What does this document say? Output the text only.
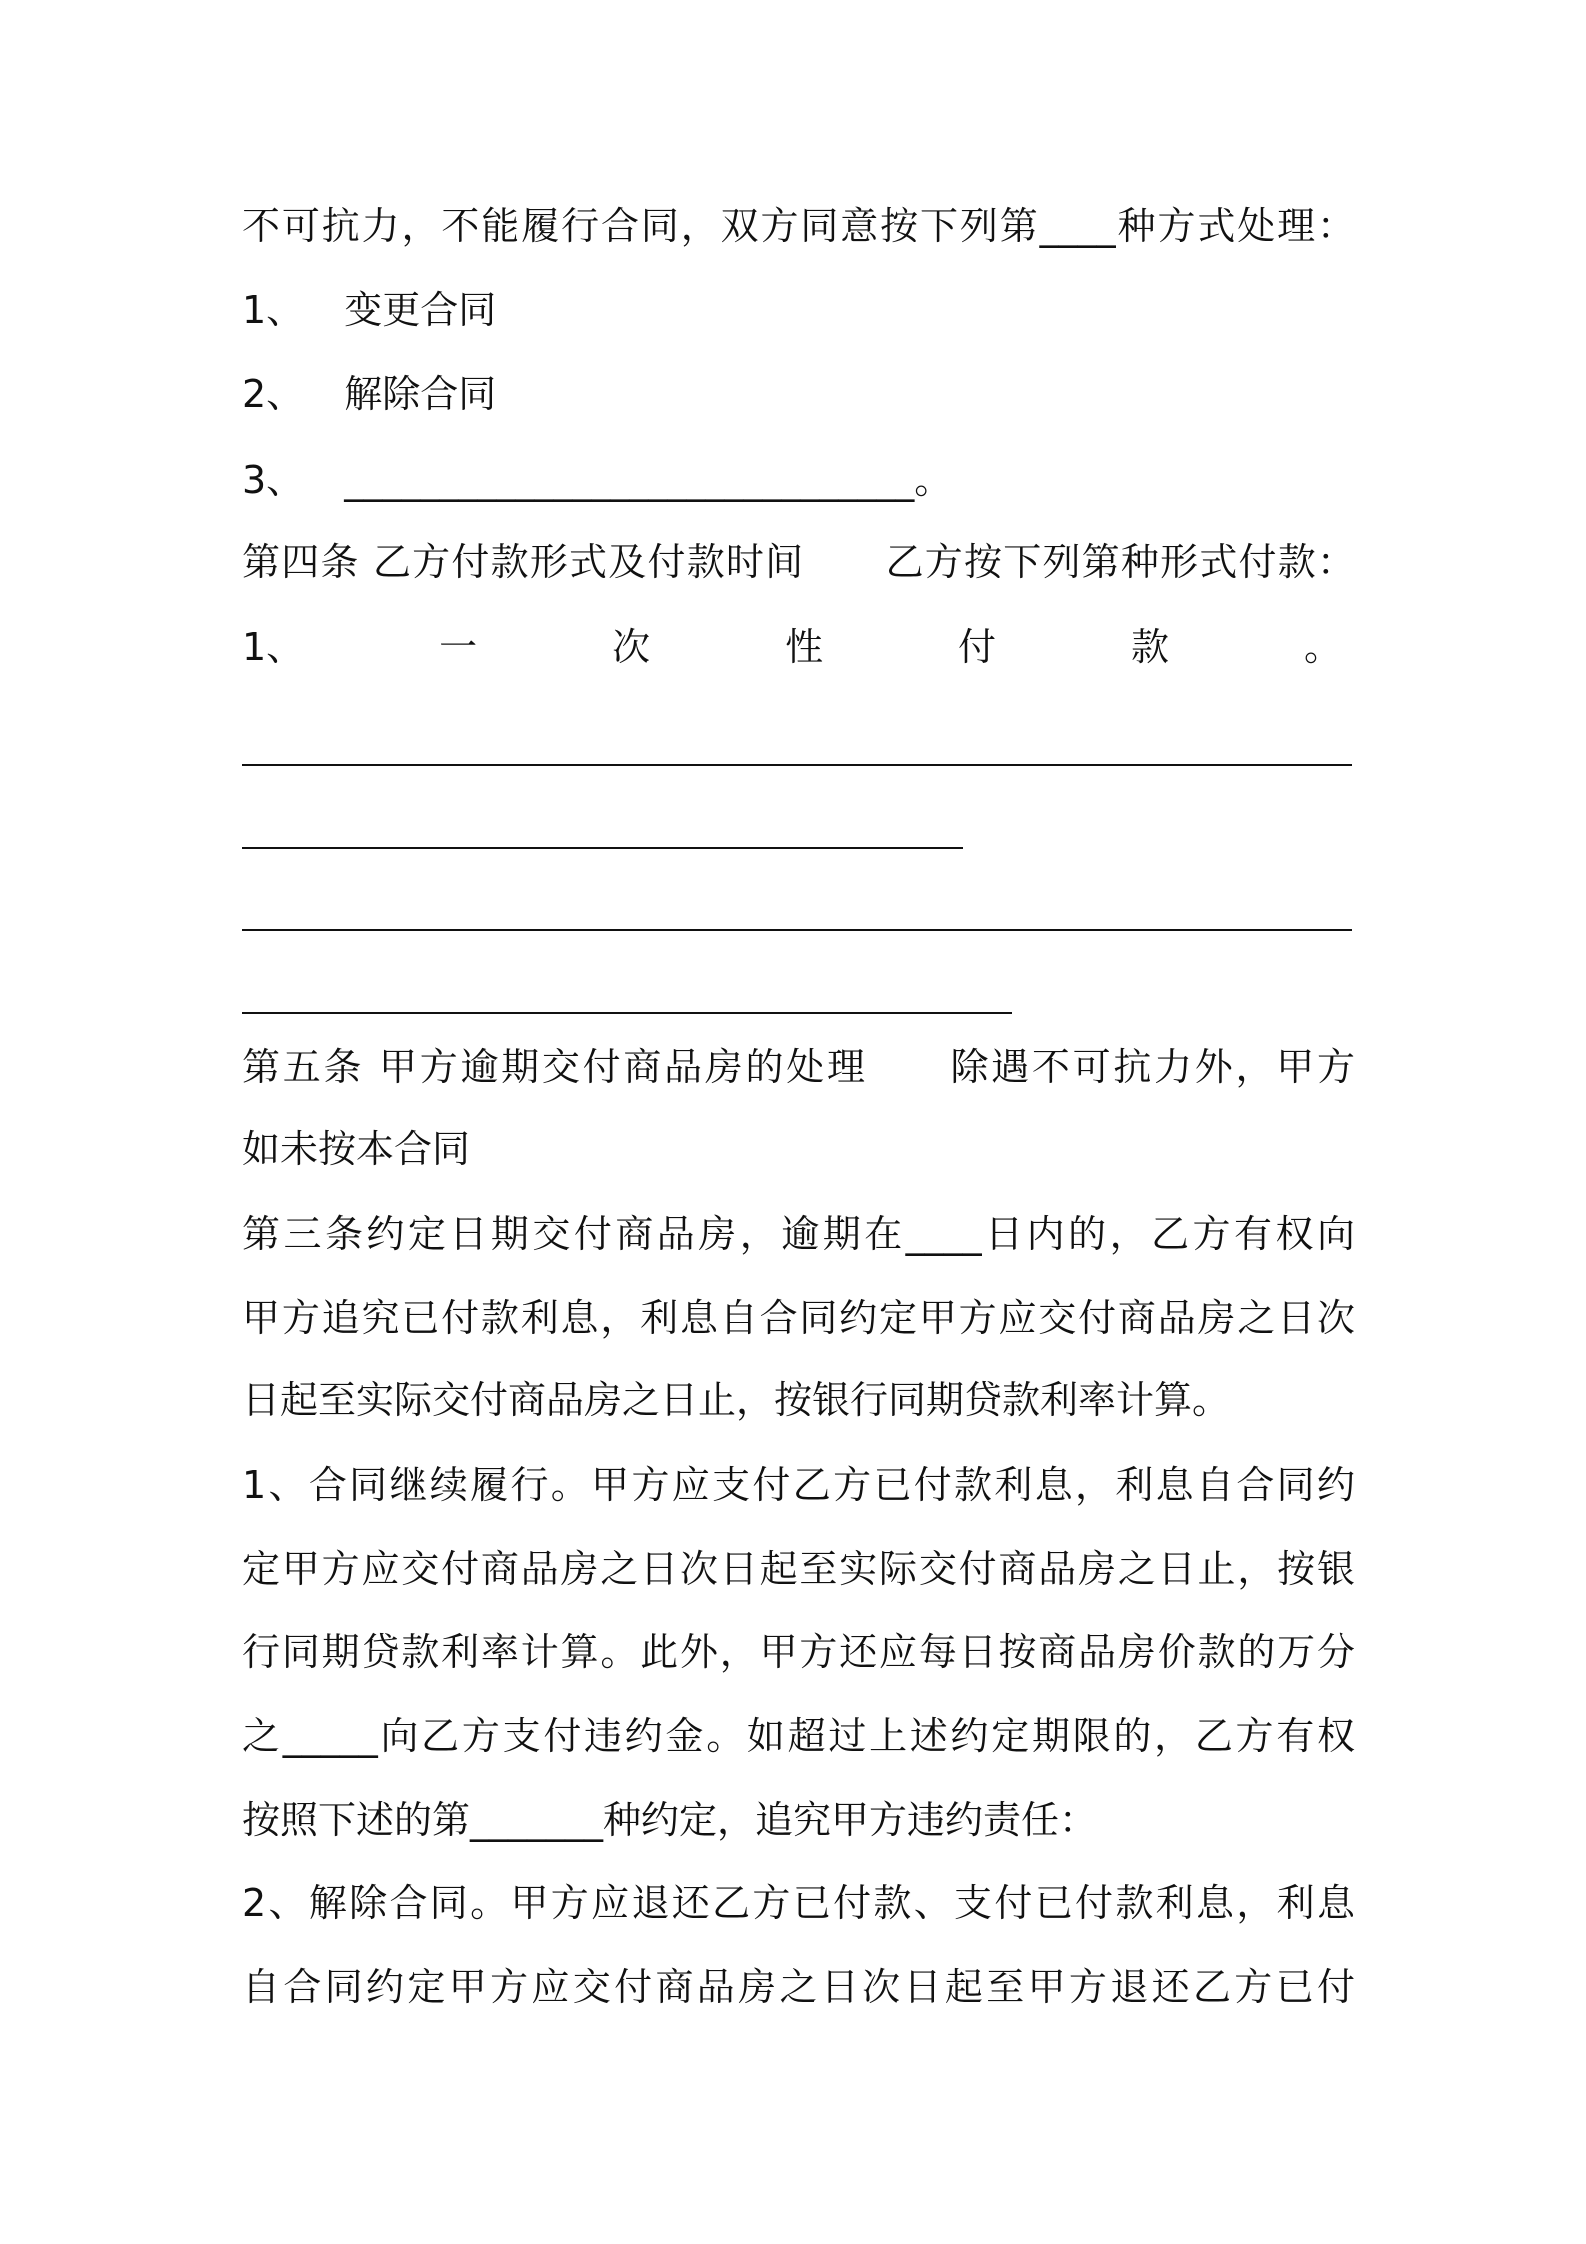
不可抗力，不能履行合同，双方同意按下列第____种方式处理：
1、 变更合同
2、 解除合同
3、 ______________________________。
第四条 乙方付款形式及付款时间 乙方按下列第种形式付款：
1、	一	次	性	付	款	。
第五条 甲方逾期交付商品房的处理 除遇不可抗力外，甲方
如未按本合同
第三条约定日期交付商品房，逾期在____日内的，乙方有权向
甲方追究已付款利息，利息自合同约定甲方应交付商品房之日次
日起至实际交付商品房之日止，按银行同期贷款利率计算。
1、合同继续履行。甲方应支付乙方已付款利息，利息自合同约
定甲方应交付商品房之日次日起至实际交付商品房之日止，按银
行同期贷款利率计算。此外，甲方还应每日按商品房价款的万分
之_____向乙方支付违约金。如超过上述约定期限的，乙方有权
按照下述的第_______种约定，追究甲方违约责任：
2、解除合同。甲方应退还乙方已付款、支付已付款利息，利息
自合同约定甲方应交付商品房之日次日起至甲方退还乙方已付
